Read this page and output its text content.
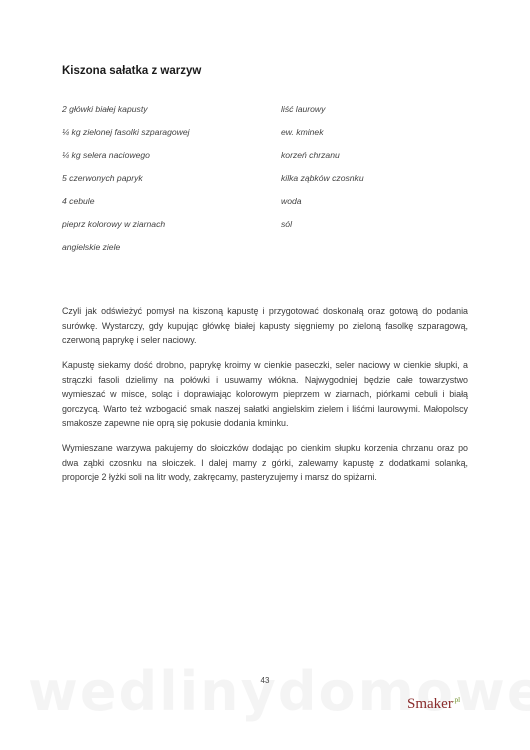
Kiszona sałatka z warzyw
2 główki białej kapusty
¼ kg zielonej fasolki szparagowej
¼ kg selera naciowego
5 czerwonych papryk
4 cebule
pieprz kolorowy w ziarnach
angielskie ziele
liść laurowy
ew. kminek
korzeń chrzanu
kilka ząbków czosnku
woda
sól

Czyli jak odświeżyć pomysł na kiszoną kapustę i przygotować doskonałą oraz gotową do podania surówkę. Wystarczy, gdy kupując główkę białej kapusty sięgniemy po zieloną fasolkę szparagową, czerwoną paprykę i seler naciowy.

Kapustę siekamy dość drobno, paprykę kroimy w cienkie paseczki, seler naciowy w cienkie słupki, a strączki fasoli dzielimy na połówki i usuwamy włókna. Najwygodniej będzie całe towarzystwo wymieszać w misce, soląc i doprawiając kolorowym pieprzem w ziarnach, piórkami cebuli i białą gorczycą. Warto też wzbogacić smak naszej sałatki angielskim zielem i liśćmi laurowymi. Małopolscy smakosze zapewne nie oprą się pokusie dodania kminku.

Wymieszane warzywa pakujemy do słoiczków dodając po cienkim słupku korzenia chrzanu oraz po dwa ząbki czosnku na słoiczek. I dalej mamy z górki, zalewamy kapustę z dodatkami solanką, proporcje 2 łyżki soli na litr wody, zakręcamy, pasteryzujemy i marsz do spiżarni.

43
Smaker$^{.pl}$
